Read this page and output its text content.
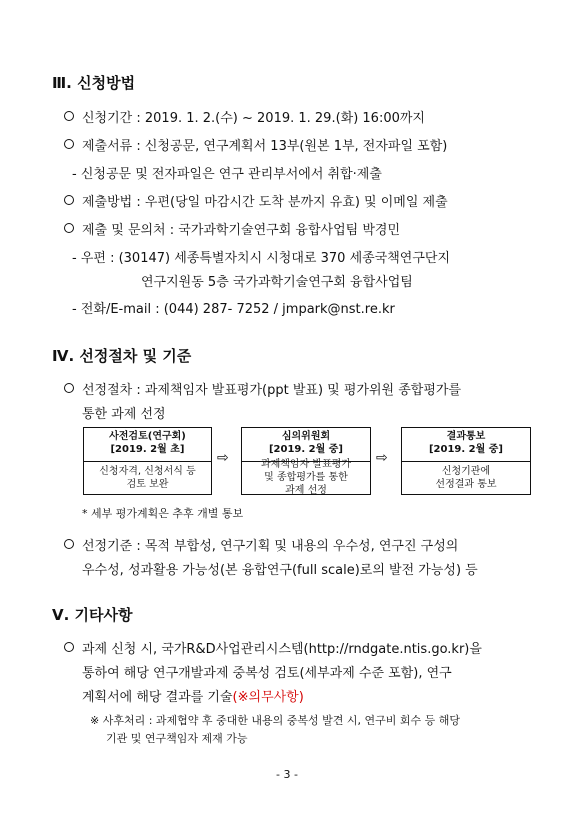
Ⅲ. 신청방법
신청기간 : 2019. 1. 2.(수) ~ 2019. 1. 29.(화) 16:00까지
제출서류 : 신청공문, 연구계획서 13부(원본 1부, 전자파일 포함)
- 신청공문 및 전자파일은 연구 관리부서에서 취합·제출
제출방법 : 우편(당일 마감시간 도착 분까지 유효) 및 이메일 제출
제출 및 문의처 : 국가과학기술연구회 융합사업팀 박경민
- 우편 : (30147) 세종특별자치시 시청대로 370 세종국책연구단지
연구지원동 5층 국가과학기술연구회 융합사업팀
- 전화/E-mail : (044) 287- 7252 / jmpark@nst.re.kr
Ⅳ. 선정절차 및 기준
선정절차 : 과제책임자 발표평가(ppt 발표) 및 평가위원 종합평가를
통한 과제 선정
사전검토(연구회)
[2019. 2월 초]
신청자격, 신청서식 등
검토 보완
⇨
심의위원회
[2019. 2월 중]
과제책임자 발표평가
및 종합평가를 통한
과제 선정
⇨
결과통보
[2019. 2월 중]
신청기관에
선정결과 통보
* 세부 평가계획은 추후 개별 통보
선정기준 : 목적 부합성, 연구기획 및 내용의 우수성, 연구진 구성의
우수성, 성과활용 가능성(본 융합연구(full scale)로의 발전 가능성) 등
Ⅴ. 기타사항
과제 신청 시, 국가R&D사업관리시스템(http://rndgate.ntis.go.kr)을
통하여 해당 연구개발과제 중복성 검토(세부과제 수준 포함), 연구
계획서에 해당 결과를 기술(※의무사항)
※ 사후처리 : 과제협약 후 중대한 내용의 중복성 발견 시, 연구비 회수 등 해당
기관 및 연구책임자 제재 가능
- 3 -
